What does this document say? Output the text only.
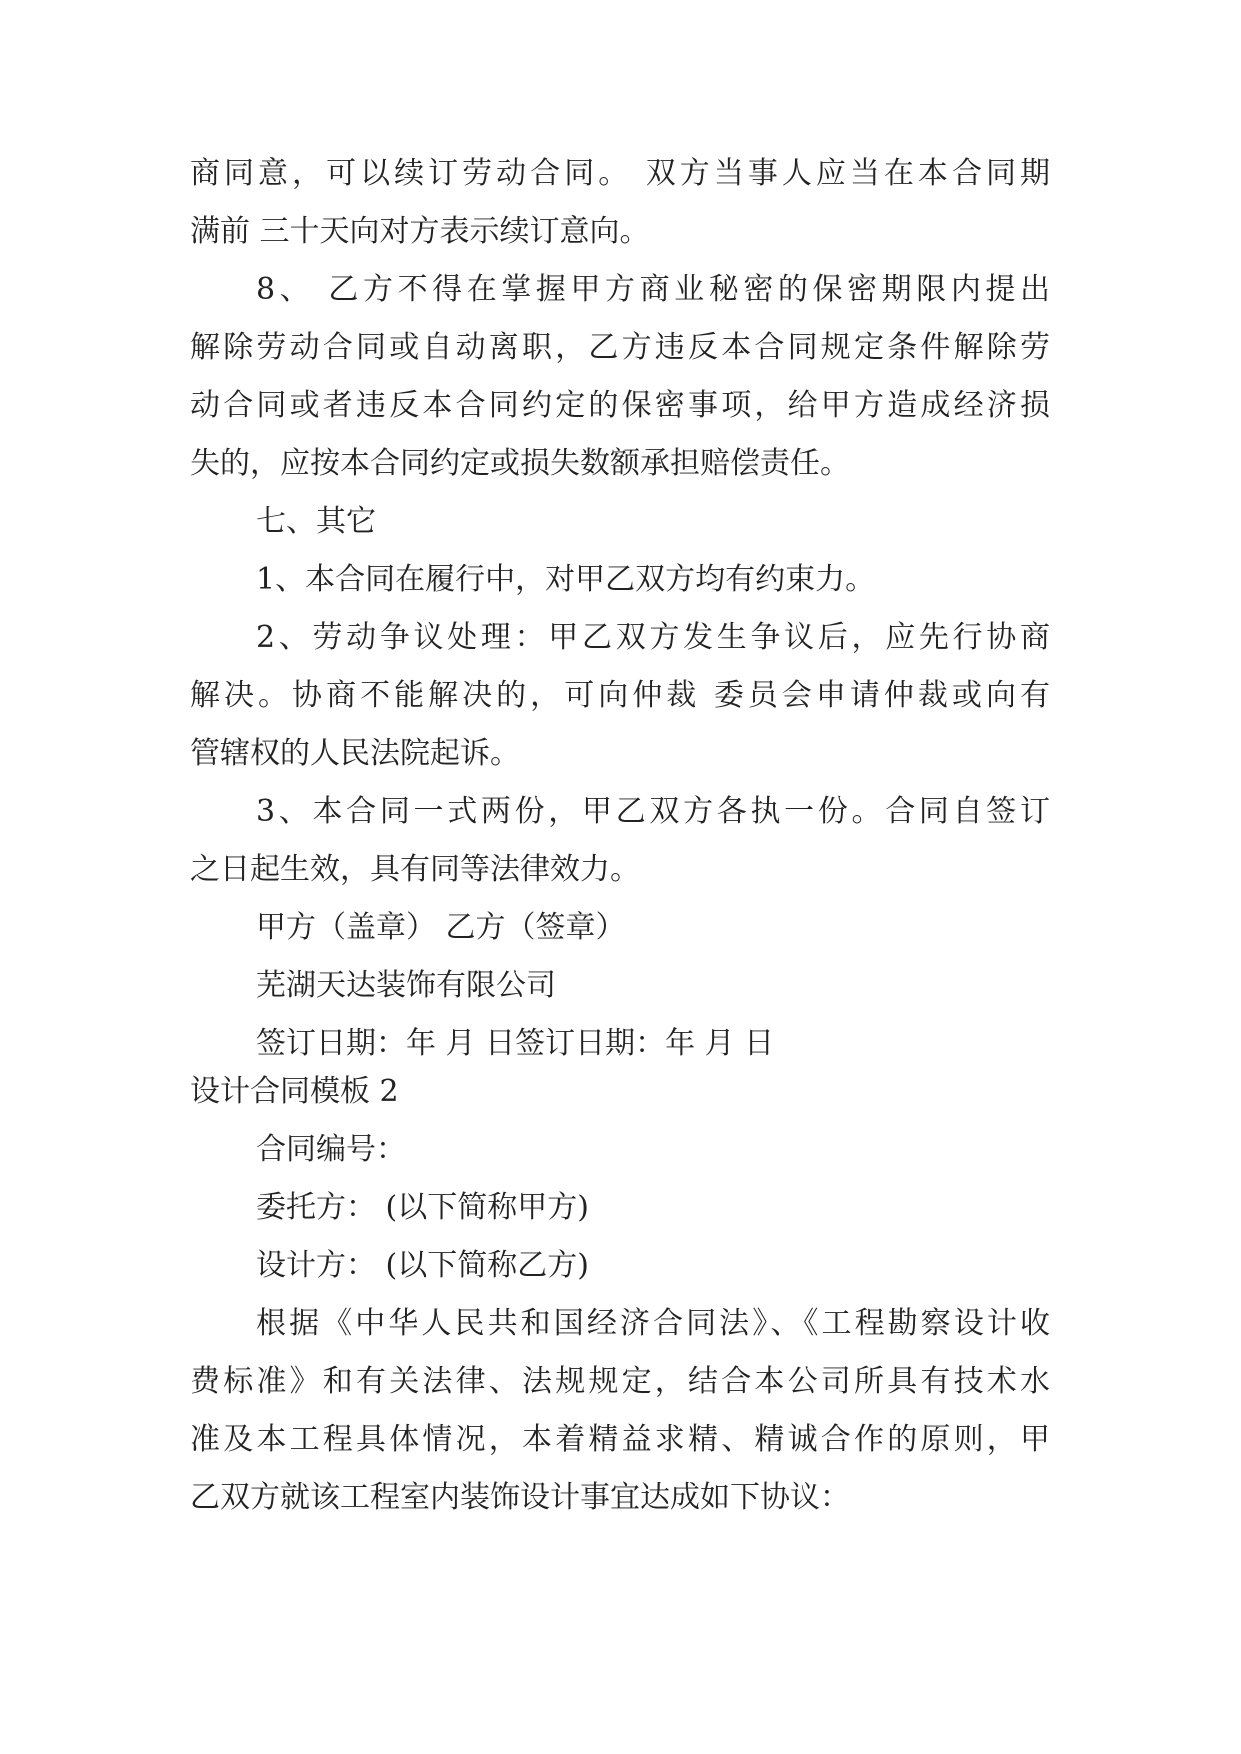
商同意，可以续订劳动合同。 双方当事人应当在本合同期

满前 三十天向对方表示续订意向。

8、 乙方不得在掌握甲方商业秘密的保密期限内提出

解除劳动合同或自动离职，乙方违反本合同规定条件解除劳

动合同或者违反本合同约定的保密事项，给甲方造成经济损

失的，应按本合同约定或损失数额承担赔偿责任。

七、其它

1、本合同在履行中，对甲乙双方均有约束力。

2、劳动争议处理：甲乙双方发生争议后，应先行协商

解决。协商不能解决的，可向仲裁 委员会申请仲裁或向有

管辖权的人民法院起诉。

3、本合同一式两份，甲乙双方各执一份。合同自签订

之日起生效，具有同等法律效力。

甲方（盖章） 乙方（签章）

芜湖天达装饰有限公司

签订日期：年 月 日签订日期：年 月 日

设计合同模板 2

合同编号：

委托方： (以下简称甲方)

设计方： (以下简称乙方)

根据《中华人民共和国经济合同法》、《工程勘察设计收

费标准》和有关法律、法规规定，结合本公司所具有技术水

准及本工程具体情况，本着精益求精、精诚合作的原则，甲

乙双方就该工程室内装饰设计事宜达成如下协议：
